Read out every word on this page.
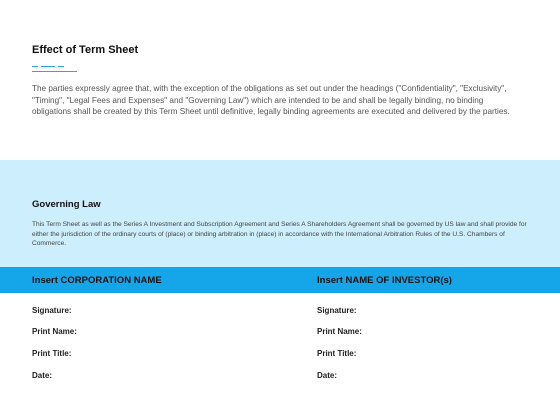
Effect of Term Sheet
The parties expressly agree that, with the exception of the obligations as set out under the headings ("Confidentiality", "Exclusivity", "Timing", "Legal Fees and Expenses" and "Governing Law") which are intended to be and shall be legally binding, no binding obligations shall be created by this Term Sheet until definitive, legally binding agreements are executed and delivered by the parties.
Governing Law
This Term Sheet as well as the Series A Investment and Subscription Agreement and Series A Shareholders Agreement shall be governed by US law and shall provide for either the jurisdiction of the ordinary courts of (place) or binding arbitration in (place) in accordance with the International Arbitration Rules of the U.S. Chambers of Commerce.
Insert CORPORATION NAME	Insert NAME OF INVESTOR(s)
Signature:
Print Name:
Print Title:
Date:
Signature:
Print Name:
Print Title:
Date:
